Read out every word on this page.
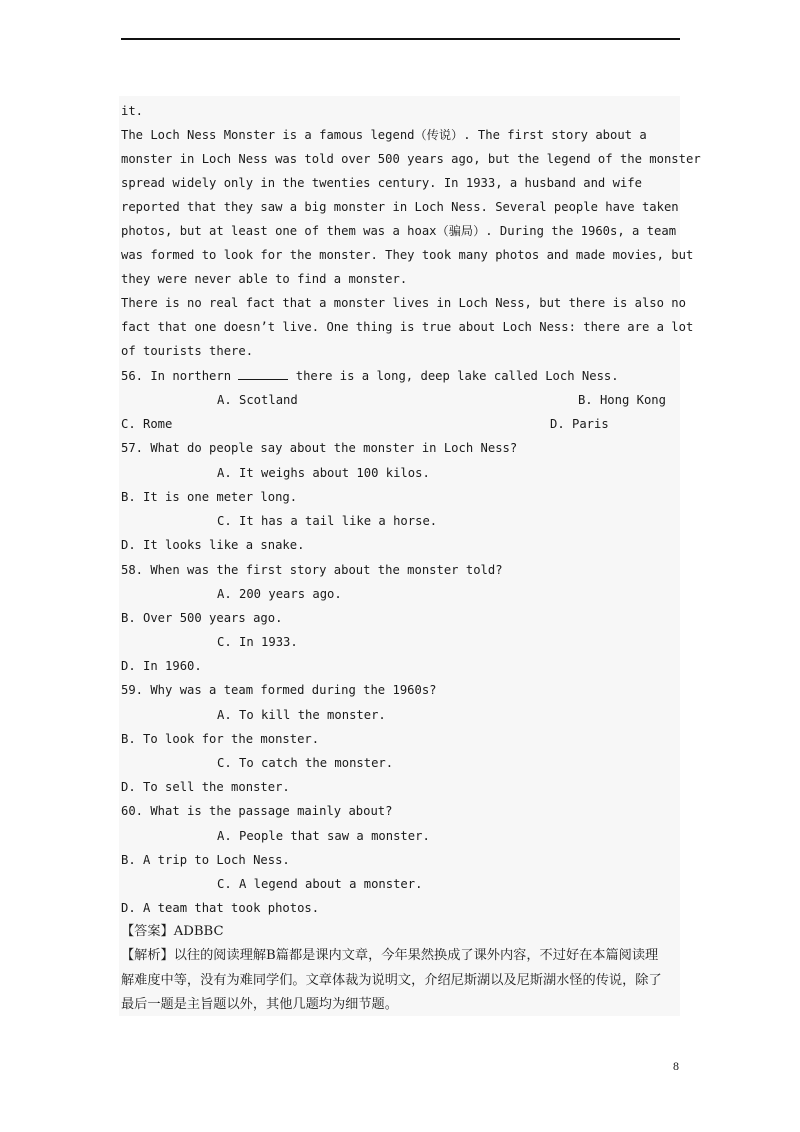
it.
The Loch Ness Monster is a famous legend（传说）. The first story about a
monster in Loch Ness was told over 500 years ago, but the legend of the monster
spread widely only in the twenties century. In 1933, a husband and wife
reported that they saw a big monster in Loch Ness. Several people have taken
photos, but at least one of them was a hoax（骗局）. During the 1960s, a team
was formed to look for the monster. They took many photos and made movies, but
they were never able to find a monster.
There is no real fact that a monster lives in Loch Ness, but there is also no
fact that one doesn’t live. One thing is true about Loch Ness: there are a lot
of tourists there.
56. In northern	there is a long, deep lake called Loch Ness.
A. Scotland	B. Hong Kong
C. Rome	D. Paris
57. What do people say about the monster in Loch Ness?
A. It weighs about 100 kilos.
B. It is one meter long.
C. It has a tail like a horse.
D. It looks like a snake.
58. When was the first story about the monster told?
A. 200 years ago.
B. Over 500 years ago.
C. In 1933.
D. In 1960.
59. Why was a team formed during the 1960s?
A. To kill the monster.
B. To look for the monster.
C. To catch the monster.
D. To sell the monster.
60. What is the passage mainly about?
A. People that saw a monster.
B. A trip to Loch Ness.
C. A legend about a monster.
D. A team that took photos.
【答案】ADBBC
【解析】以往的阅读理解B篇都是课内文章，今年果然换成了课外内容，不过好在本篇阅读理
解难度中等，没有为难同学们。文章体裁为说明文，介绍尼斯湖以及尼斯湖水怪的传说，除了
最后一题是主旨题以外，其他几题均为细节题。
8
